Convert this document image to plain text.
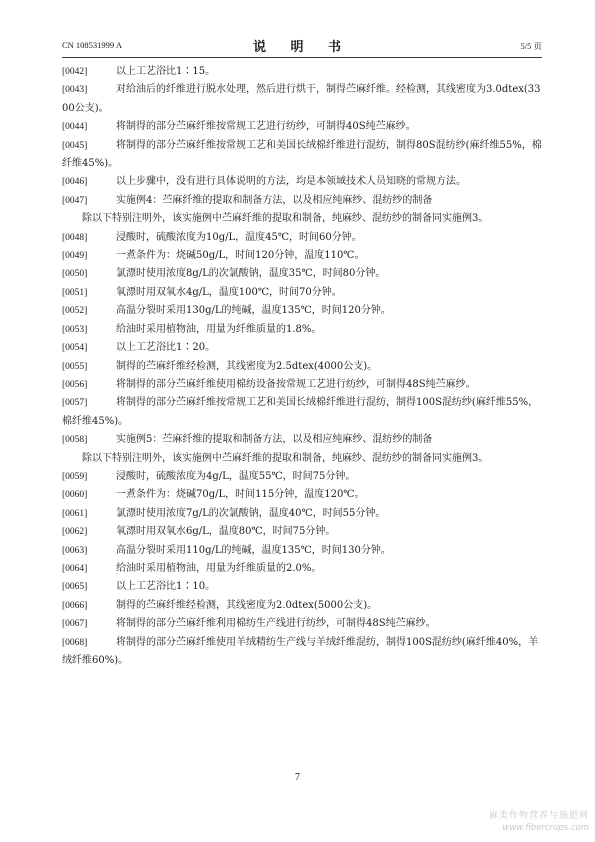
CN 108531999 A	说 明 书	5/5 页

[0042]	以上工艺浴比1∶15。

[0043]	对给油后的纤维进行脱水处理，然后进行烘干，制得苎麻纤维。经检测，其线密度为3.0dtex(3300公支)。

[0044]	将制得的部分苎麻纤维按常规工艺进行纺纱，可制得40S纯苎麻纱。

[0045]	将制得的部分苎麻纤维按常规工艺和美国长绒棉纤维进行混纺，制得80S混纺纱(麻纤维55%，棉纤维45%)。

[0046]	以上步骤中，没有进行具体说明的方法，均是本领域技术人员知晓的常规方法。

[0047]	实施例4：苎麻纤维的提取和制备方法，以及相应纯麻纱、混纺纱的制备

除以下特别注明外，该实施例中苎麻纤维的提取和制备，纯麻纱、混纺纱的制备同实施例3。

[0048]	浸酸时，硫酸浓度为10g/L，温度45℃，时间60分钟。

[0049]	一煮条件为：烧碱50g/L，时间120分钟，温度110℃。

[0050]	氯漂时使用浓度8g/L的次氯酸钠，温度35℃，时间80分钟。

[0051]	氧漂时用双氧水4g/L，温度100℃，时间70分钟。

[0052]	高温分裂时采用130g/L的纯碱，温度135℃，时间120分钟。

[0053]	给油时采用植物油，用量为纤维质量的1.8%。

[0054]	以上工艺浴比1∶20。

[0055]	制得的苎麻纤维经检测，其线密度为2.5dtex(4000公支)。

[0056]	将制得的部分苎麻纤维使用棉纺设备按常规工艺进行纺纱，可制得48S纯苎麻纱。

[0057]	将制得的部分苎麻纤维按常规工艺和美国长绒棉纤维进行混纺，制得100S混纺纱(麻纤维55%，棉纤维45%)。

[0058]	实施例5：苎麻纤维的提取和制备方法，以及相应纯麻纱、混纺纱的制备

除以下特别注明外，该实施例中苎麻纤维的提取和制备，纯麻纱、混纺纱的制备同实施例3。

[0059]	浸酸时，硫酸浓度为4g/L，温度55℃，时间75分钟。

[0060]	一煮条件为：烧碱70g/L，时间115分钟，温度120℃。

[0061]	氯漂时使用浓度7g/L的次氯酸钠，温度40℃，时间55分钟。

[0062]	氧漂时用双氧水6g/L，温度80℃，时间75分钟。

[0063]	高温分裂时采用110g/L的纯碱，温度135℃，时间130分钟。

[0064]	给油时采用植物油，用量为纤维质量的2.0%。

[0065]	以上工艺浴比1∶10。

[0066]	制得的苎麻纤维经检测，其线密度为2.0dtex(5000公支)。

[0067]	将制得的部分苎麻纤维利用棉纺生产线进行纺纱，可制得48S纯苎麻纱。

[0068]	将制得的部分苎麻纤维使用羊绒精纺生产线与羊绒纤维混纺，制得100S混纺纱(麻纤维40%，羊绒纤维60%)。

7
麻类作物营养与施肥网
www.fibercrops.com
